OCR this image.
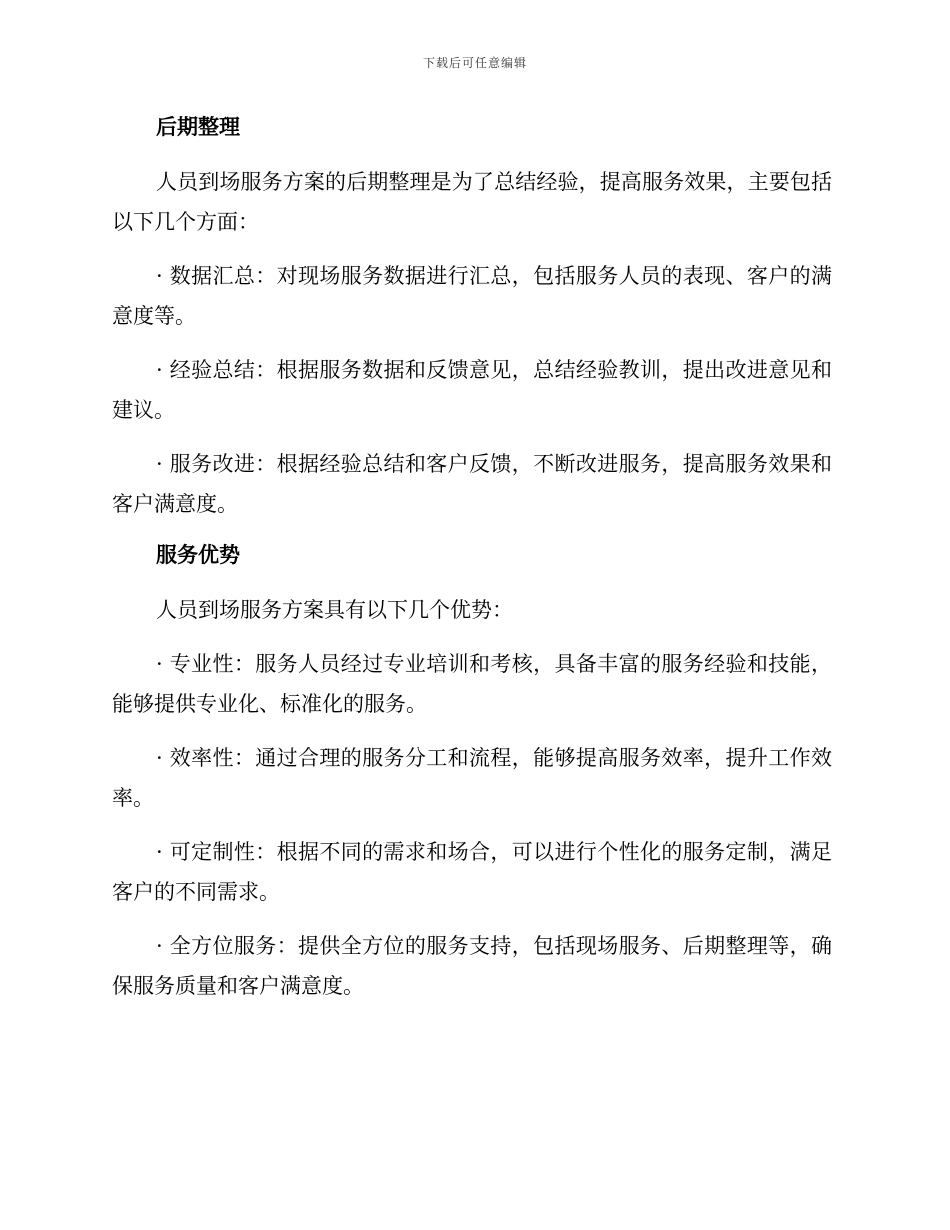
下载后可任意编辑
后期整理

人员到场服务方案的后期整理是为了总结经验，提高服务效果，主要包括以下几个方面：

· 数据汇总：对现场服务数据进行汇总，包括服务人员的表现、客户的满意度等。

· 经验总结：根据服务数据和反馈意见，总结经验教训，提出改进意见和建议。

· 服务改进：根据经验总结和客户反馈，不断改进服务，提高服务效果和客户满意度。

服务优势

人员到场服务方案具有以下几个优势：

· 专业性：服务人员经过专业培训和考核，具备丰富的服务经验和技能，能够提供专业化、标准化的服务。

· 效率性：通过合理的服务分工和流程，能够提高服务效率，提升工作效率。

· 可定制性：根据不同的需求和场合，可以进行个性化的服务定制，满足客户的不同需求。

· 全方位服务：提供全方位的服务支持，包括现场服务、后期整理等，确保服务质量和客户满意度。
